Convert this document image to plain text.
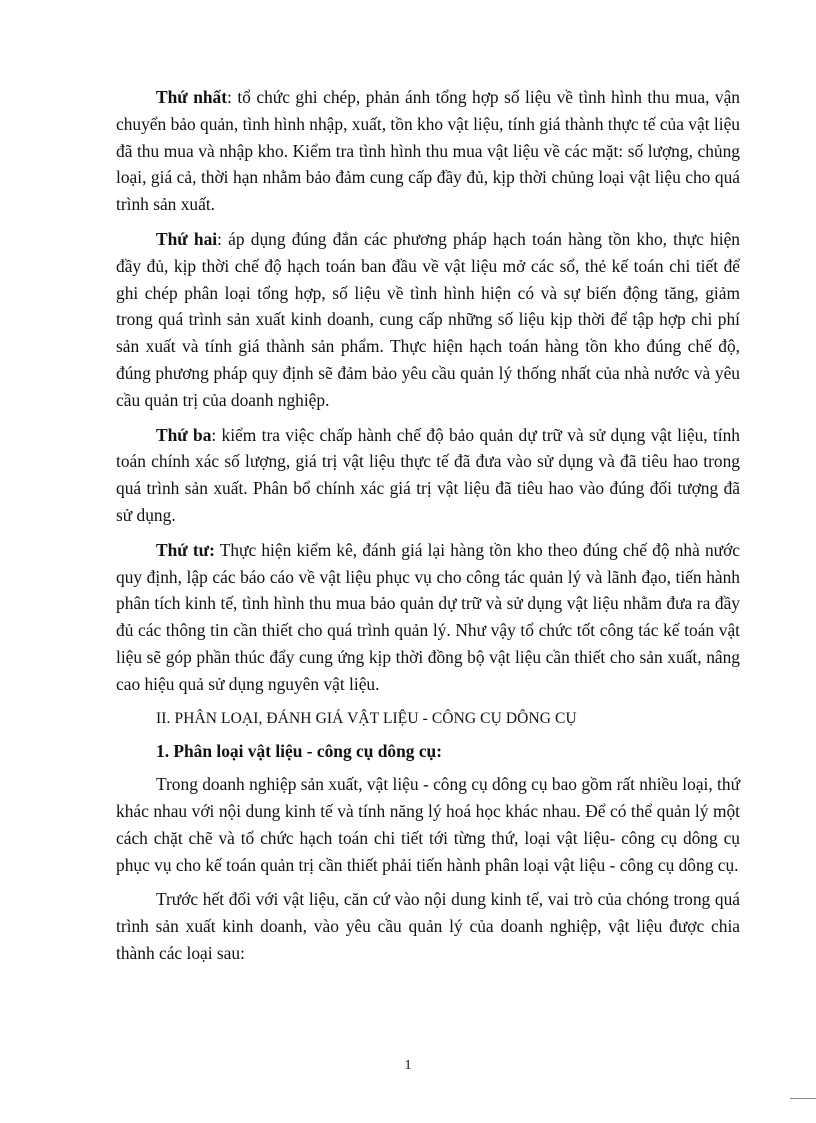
Thứ nhất: tổ chức ghi chép, phản ánh tổng hợp số liệu về tình hình thu mua, vận chuyển bảo quản, tình hình nhập, xuất, tồn kho vật liệu, tính giá thành thực tế của vật liệu đã thu mua và nhập kho. Kiểm tra tình hình thu mua vật liệu về các mặt: số lượng, chủng loại, giá cả, thời hạn nhằm bảo đảm cung cấp đầy đủ, kịp thời chủng loại vật liệu cho quá trình sản xuất.

Thứ hai: áp dụng đúng đắn các phương pháp hạch toán hàng tồn kho, thực hiện đầy đủ, kịp thời chế độ hạch toán ban đầu về vật liệu mở các sổ, thẻ kế toán chi tiết để ghi chép phân loại tổng hợp, số liệu về tình hình hiện có và sự biến động tăng, giảm trong quá trình sản xuất kinh doanh, cung cấp những số liệu kịp thời để tập hợp chi phí sản xuất và tính giá thành sản phẩm. Thực hiện hạch toán hàng tồn kho đúng chế độ, đúng phương pháp quy định sẽ đảm bảo yêu cầu quản lý thống nhất của nhà nước và yêu cầu quản trị của doanh nghiệp.

Thứ ba: kiểm tra việc chấp hành chế độ bảo quản dự trữ và sử dụng vật liệu, tính toán chính xác số lượng, giá trị vật liệu thực tế đã đưa vào sử dụng và đã tiêu hao trong quá trình sản xuất. Phân bổ chính xác giá trị vật liệu đã tiêu hao vào đúng đối tượng đã sử dụng.

Thứ tư: Thực hiện kiểm kê, đánh giá lại hàng tồn kho theo đúng chế độ nhà nước quy định, lập các báo cáo về vật liệu phục vụ cho công tác quản lý và lãnh đạo, tiến hành phân tích kinh tế, tình hình thu mua bảo quản dự trữ và sử dụng vật liệu nhằm đưa ra đầy đủ các thông tin cần thiết cho quá trình quản lý. Như vậy tổ chức tốt công tác kế toán vật liệu sẽ góp phần thúc đẩy cung ứng kịp thời đồng bộ vật liệu cần thiết cho sản xuất, nâng cao hiệu quả sử dụng nguyên vật liệu.

II. PHÂN LOẠI, ĐÁNH GIÁ VẬT LIỆU - CÔNG CỤ DÔNG CỤ

1. Phân loại vật liệu - công cụ dông cụ:

Trong doanh nghiệp sản xuất, vật liệu - công cụ dông cụ bao gồm rất nhiều loại, thứ khác nhau với nội dung kinh tế và tính năng lý hoá học khác nhau. Để có thể quản lý một cách chặt chẽ và tổ chức hạch toán chi tiết tới từng thứ, loại vật liệu- công cụ dông cụ phục vụ cho kế toán quản trị cần thiết phải tiến hành phân loại vật liệu - công cụ dông cụ.

Trước hết đối với vật liệu, căn cứ vào nội dung kinh tế, vai trò của chóng trong quá trình sản xuất kinh doanh, vào yêu cầu quản lý của doanh nghiệp, vật liệu được chia thành các loại sau:

1
